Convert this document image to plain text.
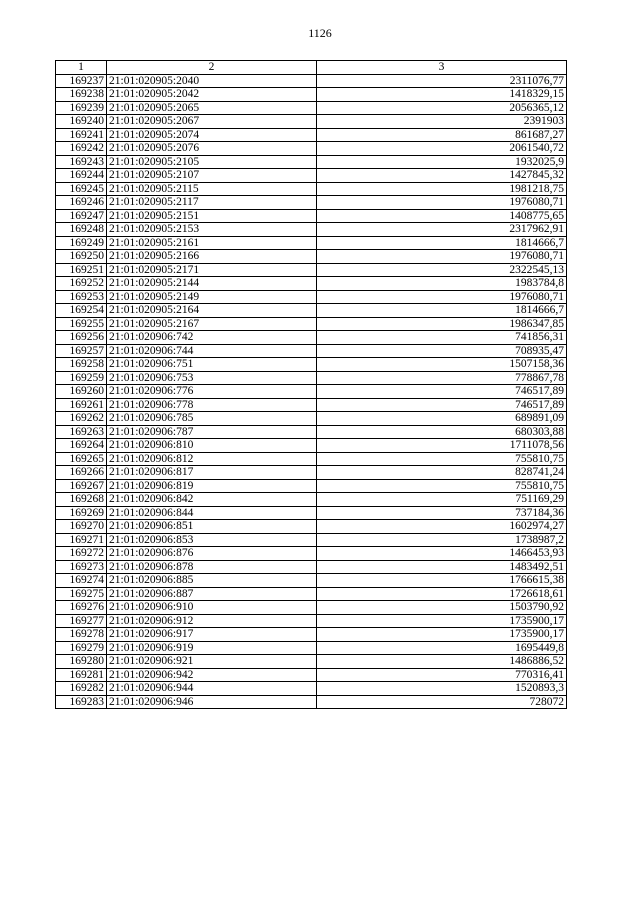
1126
1	2	3
169237	21:01:020905:2040	2311076,77
169238	21:01:020905:2042	1418329,15
169239	21:01:020905:2065	2056365,12
169240	21:01:020905:2067	2391903
169241	21:01:020905:2074	861687,27
169242	21:01:020905:2076	2061540,72
169243	21:01:020905:2105	1932025,9
169244	21:01:020905:2107	1427845,32
169245	21:01:020905:2115	1981218,75
169246	21:01:020905:2117	1976080,71
169247	21:01:020905:2151	1408775,65
169248	21:01:020905:2153	2317962,91
169249	21:01:020905:2161	1814666,7
169250	21:01:020905:2166	1976080,71
169251	21:01:020905:2171	2322545,13
169252	21:01:020905:2144	1983784,8
169253	21:01:020905:2149	1976080,71
169254	21:01:020905:2164	1814666,7
169255	21:01:020905:2167	1986347,85
169256	21:01:020906:742	741856,31
169257	21:01:020906:744	708935,47
169258	21:01:020906:751	1507158,36
169259	21:01:020906:753	778867,78
169260	21:01:020906:776	746517,89
169261	21:01:020906:778	746517,89
169262	21:01:020906:785	689891,09
169263	21:01:020906:787	680303,88
169264	21:01:020906:810	1711078,56
169265	21:01:020906:812	755810,75
169266	21:01:020906:817	828741,24
169267	21:01:020906:819	755810,75
169268	21:01:020906:842	751169,29
169269	21:01:020906:844	737184,36
169270	21:01:020906:851	1602974,27
169271	21:01:020906:853	1738987,2
169272	21:01:020906:876	1466453,93
169273	21:01:020906:878	1483492,51
169274	21:01:020906:885	1766615,38
169275	21:01:020906:887	1726618,61
169276	21:01:020906:910	1503790,92
169277	21:01:020906:912	1735900,17
169278	21:01:020906:917	1735900,17
169279	21:01:020906:919	1695449,8
169280	21:01:020906:921	1486886,52
169281	21:01:020906:942	770316,41
169282	21:01:020906:944	1520893,3
169283	21:01:020906:946	728072
